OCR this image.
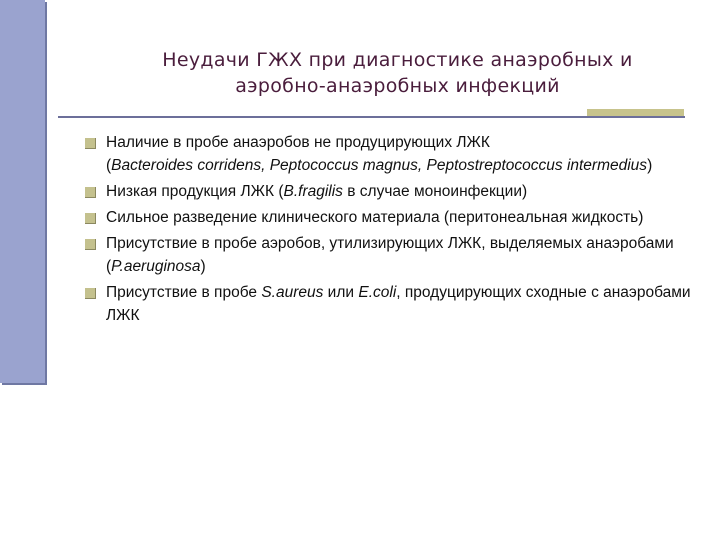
Неудачи ГЖХ при диагностике анаэробных и
аэробно-анаэробных инфекций
Наличие в пробе анаэробов не продуцирующих ЛЖК
(Bacteroides corridens, Peptococcus magnus, Peptostreptococcus intermedius)
Низкая продукция ЛЖК (B.fragilis в случае моноинфекции)
Сильное разведение клинического материала (перитонеальная жидкость)
Присутствие в пробе аэробов, утилизирующих ЛЖК, выделяемых анаэробами (P.aeruginosa)
Присутствие в пробе S.aureus или E.coli, продуцирующих сходные с анаэробами ЛЖК
